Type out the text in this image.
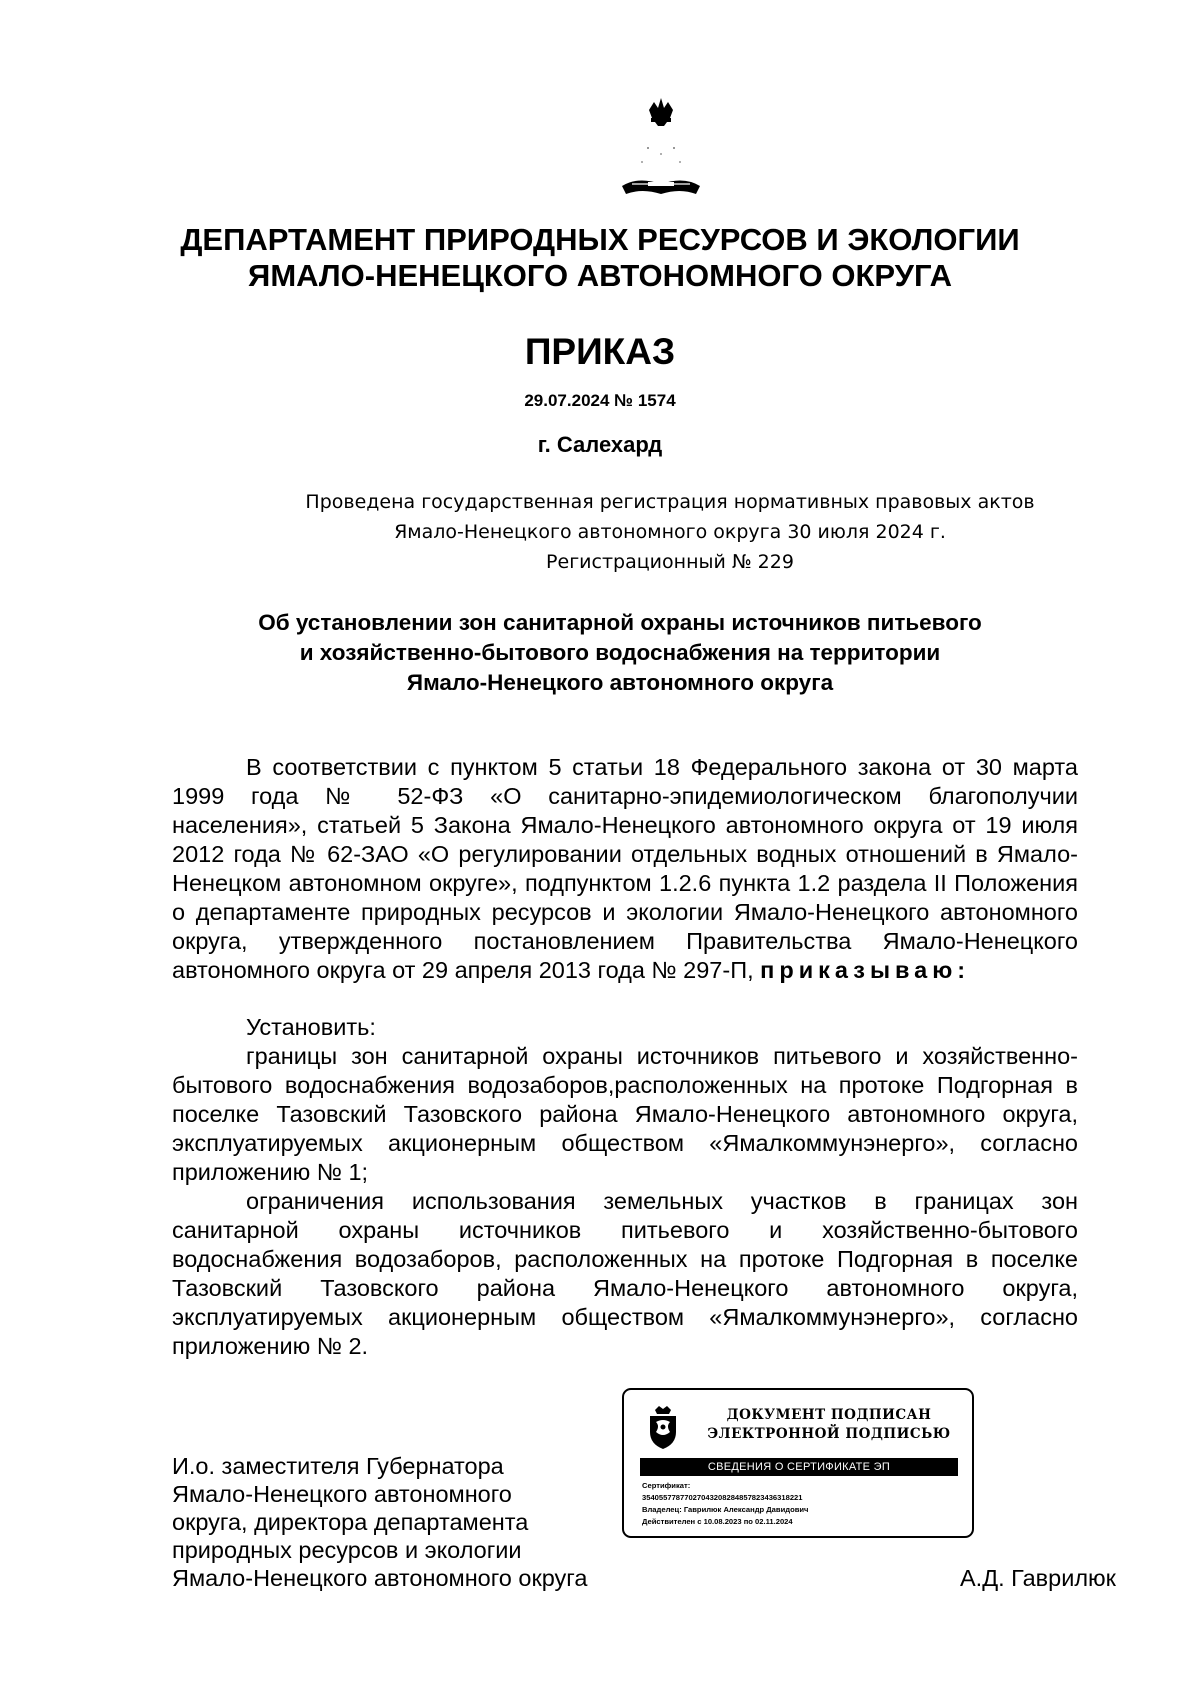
ДЕПАРТАМЕНТ ПРИРОДНЫХ РЕСУРСОВ И ЭКОЛОГИИ
ЯМАЛО-НЕНЕЦКОГО АВТОНОМНОГО ОКРУГА
ПРИКАЗ
29.07.2024 № 1574
г. Салехард
Проведена государственная регистрация нормативных правовых актов
Ямало-Ненецкого автономного округа 30 июля 2024 г.
Регистрационный № 229
Об установлении зон санитарной охраны источников питьевого
и хозяйственно-бытового водоснабжения на территории
Ямало-Ненецкого автономного округа

В соответствии с пунктом 5 статьи 18 Федерального закона от 30 марта 1999 года № 52-ФЗ «О санитарно-эпидемиологическом благополучии населения», статьей 5 Закона Ямало-Ненецкого автономного округа от 19 июля 2012 года № 62-ЗАО «О регулировании отдельных водных отношений в Ямало-Ненецком автономном округе», подпунктом 1.2.6 пункта 1.2 раздела II Положения о департаменте природных ресурсов и экологии Ямало-Ненецкого автономного округа, утвержденного постановлением Правительства Ямало-Ненецкого автономного округа от 29 апреля 2013 года № 297-П, приказываю:

Установить:

границы зон санитарной охраны источников питьевого и хозяйственно-бытового водоснабжения водозаборов,расположенных на протоке Подгорная в поселке Тазовский Тазовского района Ямало-Ненецкого автономного округа, эксплуатируемых акционерным обществом «Ямалкоммунэнерго», согласно приложению № 1;

ограничения использования земельных участков в границах зон санитарной охраны источников питьевого и хозяйственно-бытового водоснабжения водозаборов, расположенных на протоке Подгорная в поселке Тазовский Тазовского района Ямало-Ненецкого автономного округа, эксплуатируемых акционерным обществом «Ямалкоммунэнерго», согласно приложению № 2.

ДОКУМЕНТ ПОДПИСАН
ЭЛЕКТРОННОЙ ПОДПИСЬЮ
СВЕДЕНИЯ О СЕРТИФИКАТЕ ЭП
Сертификат:
35405577877027043208284857823436318221
Владелец: Гаврилюк Александр Давидович
Действителен с 10.08.2023 по 02.11.2024
И.о. заместителя Губернатора
Ямало-Ненецкого автономного
округа, директора департамента
природных ресурсов и экологии
Ямало-Ненецкого автономного округа	А.Д. Гаврилюк
